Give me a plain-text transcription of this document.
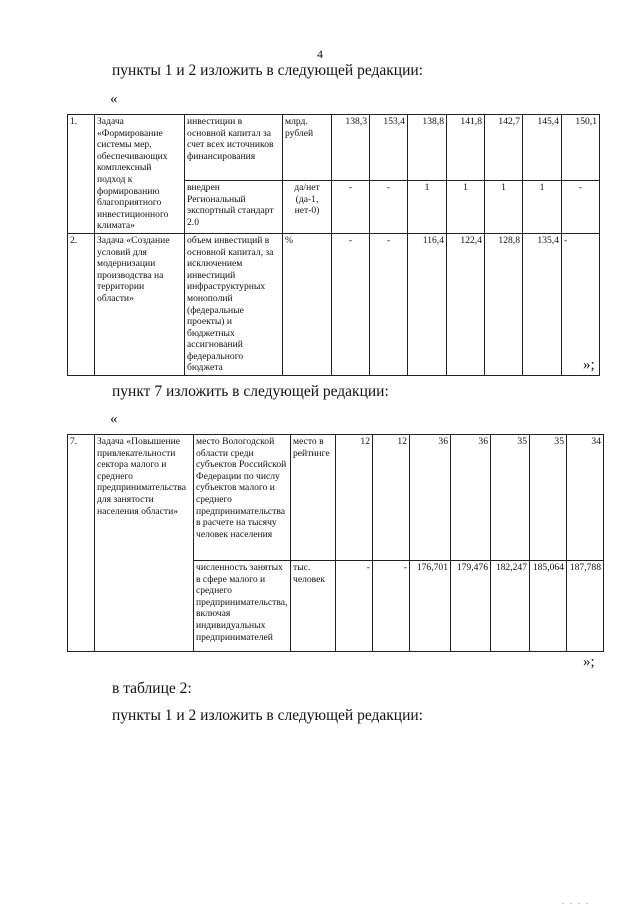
4
пункты 1 и 2 изложить в следующей редакции:
«
1.	Задача «Формирование системы мер, обеспечивающих комплексный подход к формированию благоприятного инвестиционного климата»	инвестиции в основной капитал за счет всех источников финансирования	млрд. рублей	138,3	153,4	138,8	141,8	142,7	145,4	150,1
		внедрен Региональный экспортный стандарт 2.0	да/нет (да-1, нет-0)	-	-	1	1	1	1	-
2.	Задача «Создание условий для модернизации производства на территории области»	объем инвестиций в основной капитал, за исключением инвестиций инфраструктурных монополий (федеральные проекты) и бюджетных ассигнований федерального бюджета	%	-	-	116,4	122,4	128,8	135,4	-
»;
пункт 7 изложить в следующей редакции:
«
7.	Задача «Повышение привлекательности сектора малого и среднего предпринимательства для занятости населения области»	место Вологодской области среди субъектов Российской Федерации по числу субъектов малого и среднего предпринимательства в расчете на тысячу человек населения	место в рейтинге	12	12	36	36	35	35	34
		численность занятых в сфере малого и среднего предпринимательства, включая индивидуальных предпринимателей	тыс. человек	-	-	176,701	179,476	182,247	185,064	187,788
»;
в таблице 2:
пункты 1 и 2 изложить в следующей редакции:
. . . .
